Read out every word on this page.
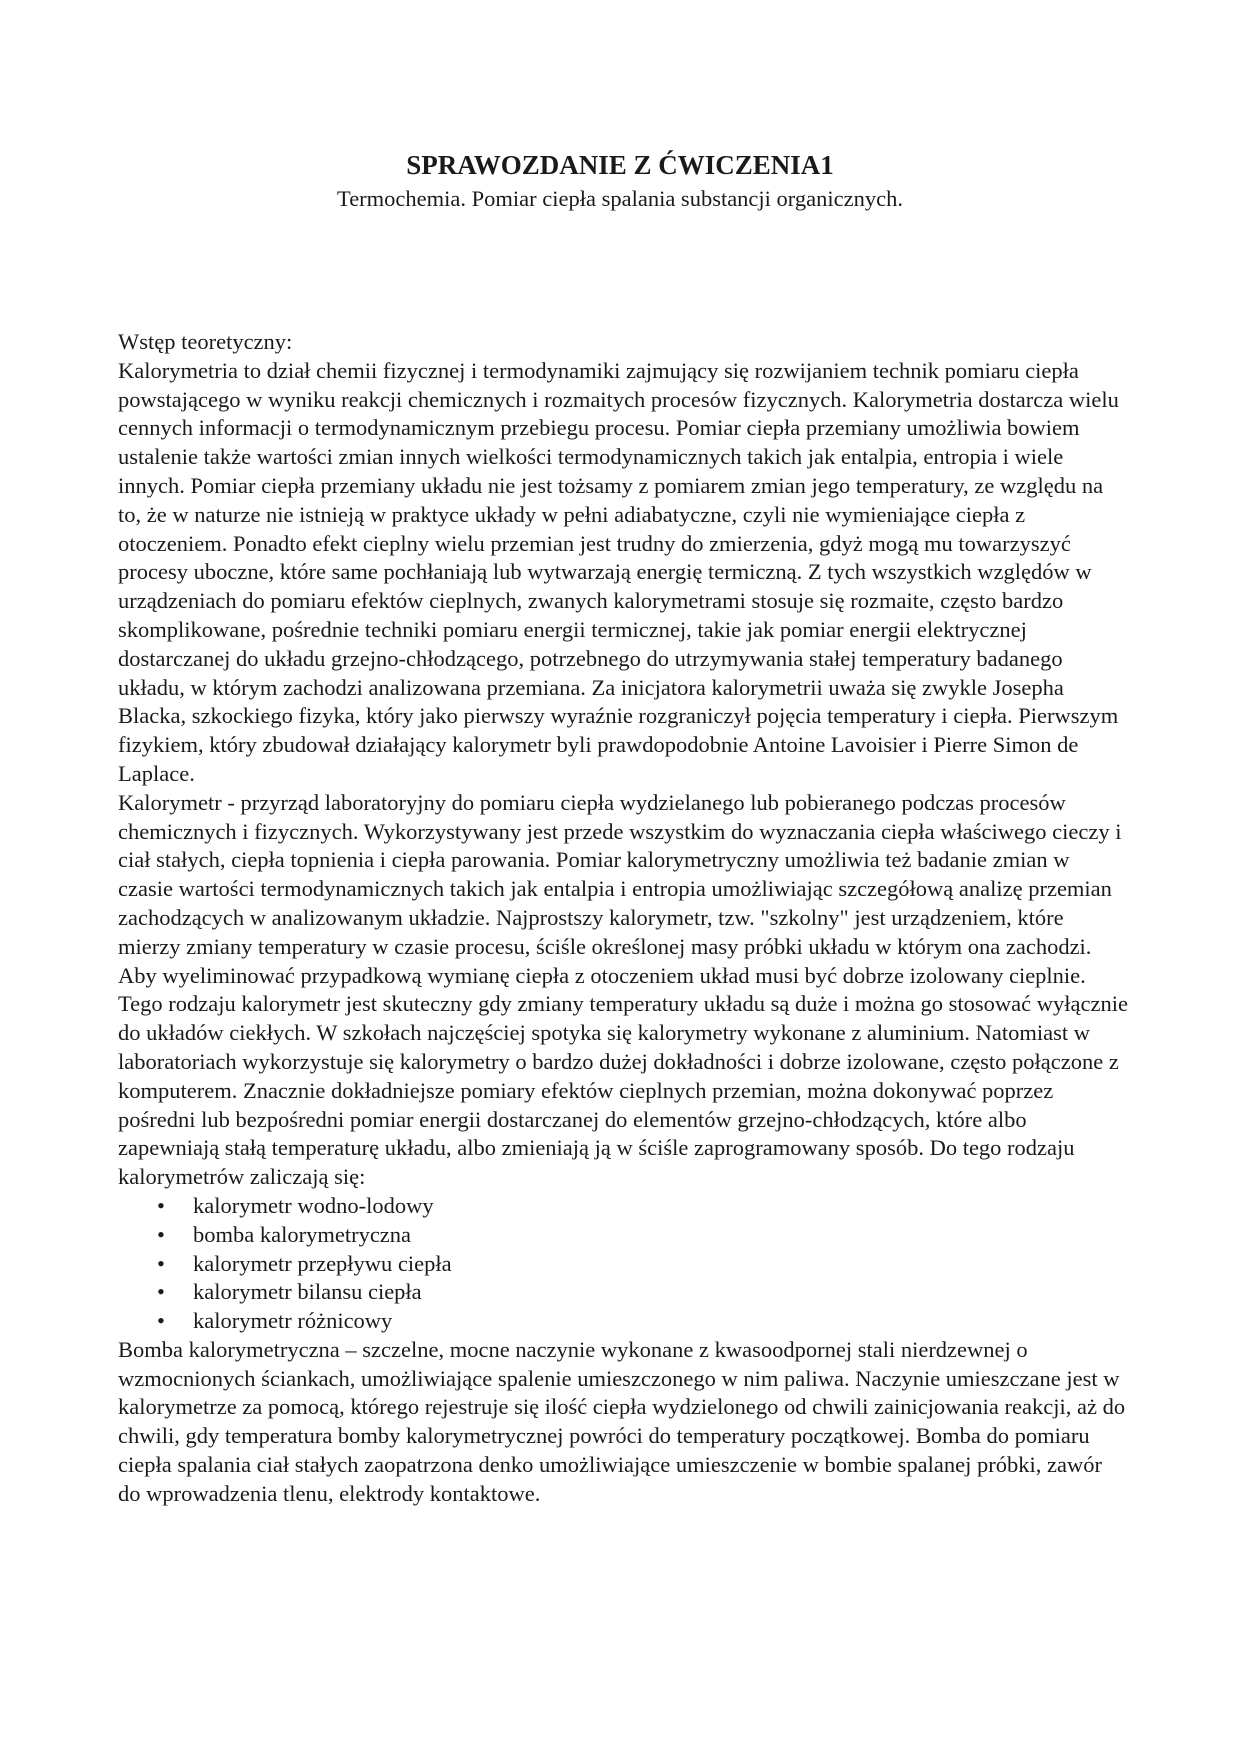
SPRAWOZDANIE Z ĆWICZENIA1
Termochemia. Pomiar ciepła spalania substancji organicznych.

Wstęp teoretyczny:

Kalorymetria to dział chemii fizycznej i termodynamiki zajmujący się rozwijaniem technik pomiaru ciepła powstającego w wyniku reakcji chemicznych i rozmaitych procesów fizycznych. Kalorymetria dostarcza wielu cennych informacji o termodynamicznym przebiegu procesu. Pomiar ciepła przemiany umożliwia bowiem ustalenie także wartości zmian innych wielkości termodynamicznych takich jak entalpia, entropia i wiele innych. Pomiar ciepła przemiany układu nie jest tożsamy z pomiarem zmian jego temperatury, ze względu na to, że w naturze nie istnieją w praktyce układy w pełni adiabatyczne, czyli nie wymieniające ciepła z otoczeniem. Ponadto efekt cieplny wielu przemian jest trudny do zmierzenia, gdyż mogą mu towarzyszyć procesy uboczne, które same pochłaniają lub wytwarzają energię termiczną. Z tych wszystkich względów w urządzeniach do pomiaru efektów cieplnych, zwanych kalorymetrami stosuje się rozmaite, często bardzo skomplikowane, pośrednie techniki pomiaru energii termicznej, takie jak pomiar energii elektrycznej dostarczanej do układu grzejno-chłodzącego, potrzebnego do utrzymywania stałej temperatury badanego układu, w którym zachodzi analizowana przemiana. Za inicjatora kalorymetrii uważa się zwykle Josepha Blacka, szkockiego fizyka, który jako pierwszy wyraźnie rozgraniczył pojęcia temperatury i ciepła. Pierwszym fizykiem, który zbudował działający kalorymetr byli prawdopodobnie Antoine Lavoisier i Pierre Simon de Laplace.

Kalorymetr - przyrząd laboratoryjny do pomiaru ciepła wydzielanego lub pobieranego podczas procesów chemicznych i fizycznych. Wykorzystywany jest przede wszystkim do wyznaczania ciepła właściwego cieczy i ciał stałych, ciepła topnienia i ciepła parowania. Pomiar kalorymetryczny umożliwia też badanie zmian w czasie wartości termodynamicznych takich jak entalpia i entropia umożliwiając szczegółową analizę przemian zachodzących w analizowanym układzie. Najprostszy kalorymetr, tzw. "szkolny" jest urządzeniem, które mierzy zmiany temperatury w czasie procesu, ściśle określonej masy próbki układu w którym ona zachodzi. Aby wyeliminować przypadkową wymianę ciepła z otoczeniem układ musi być dobrze izolowany cieplnie. Tego rodzaju kalorymetr jest skuteczny gdy zmiany temperatury układu są duże i można go stosować wyłącznie do układów ciekłych. W szkołach najczęściej spotyka się kalorymetry wykonane z aluminium. Natomiast w laboratoriach wykorzystuje się kalorymetry o bardzo dużej dokładności i dobrze izolowane, często połączone z komputerem. Znacznie dokładniejsze pomiary efektów cieplnych przemian, można dokonywać poprzez pośredni lub bezpośredni pomiar energii dostarczanej do elementów grzejno-chłodzących, które albo zapewniają stałą temperaturę układu, albo zmieniają ją w ściśle zaprogramowany sposób. Do tego rodzaju kalorymetrów zaliczają się:

• kalorymetr wodno-lodowy
• bomba kalorymetryczna
• kalorymetr przepływu ciepła
• kalorymetr bilansu ciepła
• kalorymetr różnicowy

Bomba kalorymetryczna – szczelne, mocne naczynie wykonane z kwasoodpornej stali nierdzewnej o wzmocnionych ściankach, umożliwiające spalenie umieszczonego w nim paliwa. Naczynie umieszczane jest w kalorymetrze za pomocą, którego rejestruje się ilość ciepła wydzielonego od chwili zainicjowania reakcji, aż do chwili, gdy temperatura bomby kalorymetrycznej powróci do temperatury początkowej. Bomba do pomiaru ciepła spalania ciał stałych zaopatrzona denko umożliwiające umieszczenie w bombie spalanej próbki, zawór do wprowadzenia tlenu, elektrody kontaktowe.
